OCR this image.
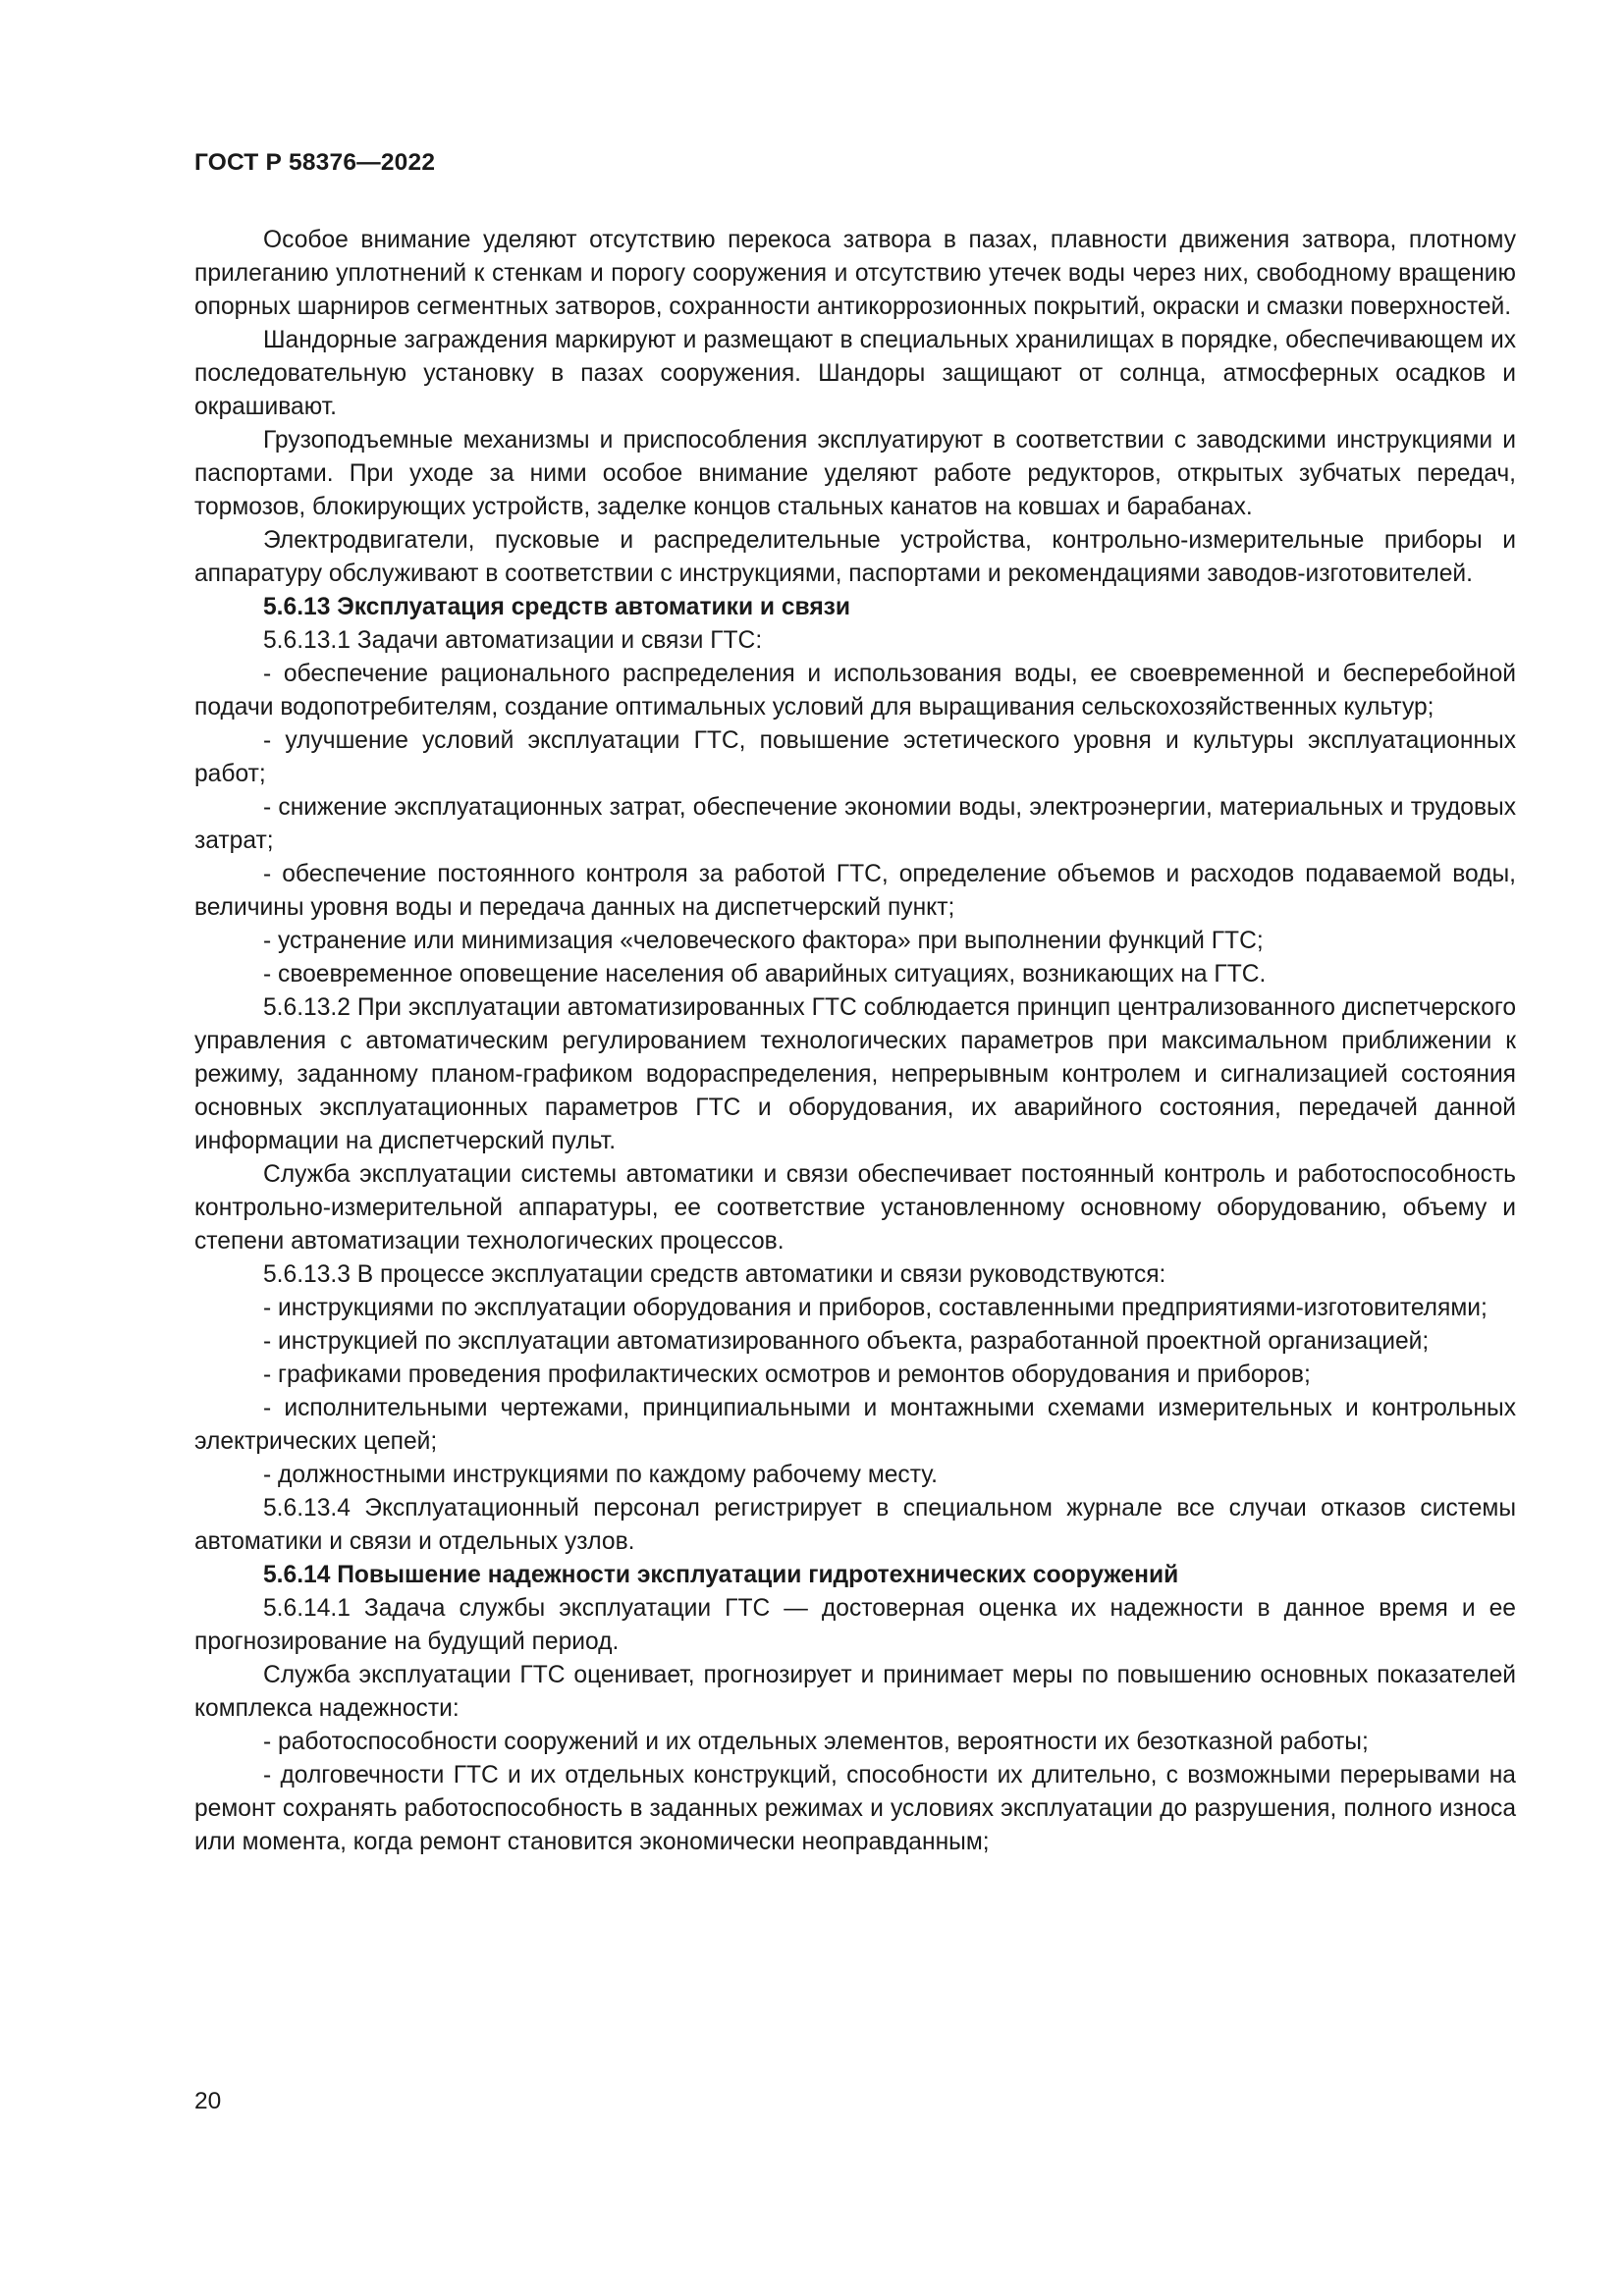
ГОСТ Р 58376—2022

Особое внимание уделяют отсутствию перекоса затвора в пазах, плавности движения затвора, плотному прилеганию уплотнений к стенкам и порогу сооружения и отсутствию утечек воды через них, свободному вращению опорных шарниров сегментных затворов, сохранности антикоррозионных покрытий, окраски и смазки поверхностей.

Шандорные заграждения маркируют и размещают в специальных хранилищах в порядке, обеспечивающем их последовательную установку в пазах сооружения. Шандоры защищают от солнца, атмосферных осадков и окрашивают.

Грузоподъемные механизмы и приспособления эксплуатируют в соответствии с заводскими инструкциями и паспортами. При уходе за ними особое внимание уделяют работе редукторов, открытых зубчатых передач, тормозов, блокирующих устройств, заделке концов стальных канатов на ковшах и барабанах.

Электродвигатели, пусковые и распределительные устройства, контрольно-измерительные приборы и аппаратуру обслуживают в соответствии с инструкциями, паспортами и рекомендациями заводов-изготовителей.

5.6.13 Эксплуатация средств автоматики и связи

5.6.13.1 Задачи автоматизации и связи ГТС:

- обеспечение рационального распределения и использования воды, ее своевременной и бесперебойной подачи водопотребителям, создание оптимальных условий для выращивания сельскохозяйственных культур;

- улучшение условий эксплуатации ГТС, повышение эстетического уровня и культуры эксплуатационных работ;

- снижение эксплуатационных затрат, обеспечение экономии воды, электроэнергии, материальных и трудовых затрат;

- обеспечение постоянного контроля за работой ГТС, определение объемов и расходов подаваемой воды, величины уровня воды и передача данных на диспетчерский пункт;

- устранение или минимизация «человеческого фактора» при выполнении функций ГТС;

- своевременное оповещение населения об аварийных ситуациях, возникающих на ГТС.

5.6.13.2 При эксплуатации автоматизированных ГТС соблюдается принцип централизованного диспетчерского управления с автоматическим регулированием технологических параметров при максимальном приближении к режиму, заданному планом-графиком водораспределения, непрерывным контролем и сигнализацией состояния основных эксплуатационных параметров ГТС и оборудования, их аварийного состояния, передачей данной информации на диспетчерский пульт.

Служба эксплуатации системы автоматики и связи обеспечивает постоянный контроль и работоспособность контрольно-измерительной аппаратуры, ее соответствие установленному основному оборудованию, объему и степени автоматизации технологических процессов.

5.6.13.3 В процессе эксплуатации средств автоматики и связи руководствуются:

- инструкциями по эксплуатации оборудования и приборов, составленными предприятиями-изготовителями;

- инструкцией по эксплуатации автоматизированного объекта, разработанной проектной организацией;

- графиками проведения профилактических осмотров и ремонтов оборудования и приборов;

- исполнительными чертежами, принципиальными и монтажными схемами измерительных и контрольных электрических цепей;

- должностными инструкциями по каждому рабочему месту.

5.6.13.4 Эксплуатационный персонал регистрирует в специальном журнале все случаи отказов системы автоматики и связи и отдельных узлов.

5.6.14 Повышение надежности эксплуатации гидротехнических сооружений

5.6.14.1 Задача службы эксплуатации ГТС — достоверная оценка их надежности в данное время и ее прогнозирование на будущий период.

Служба эксплуатации ГТС оценивает, прогнозирует и принимает меры по повышению основных показателей комплекса надежности:

- работоспособности сооружений и их отдельных элементов, вероятности их безотказной работы;

- долговечности ГТС и их отдельных конструкций, способности их длительно, с возможными перерывами на ремонт сохранять работоспособность в заданных режимах и условиях эксплуатации до разрушения, полного износа или момента, когда ремонт становится экономически неоправданным;

20
